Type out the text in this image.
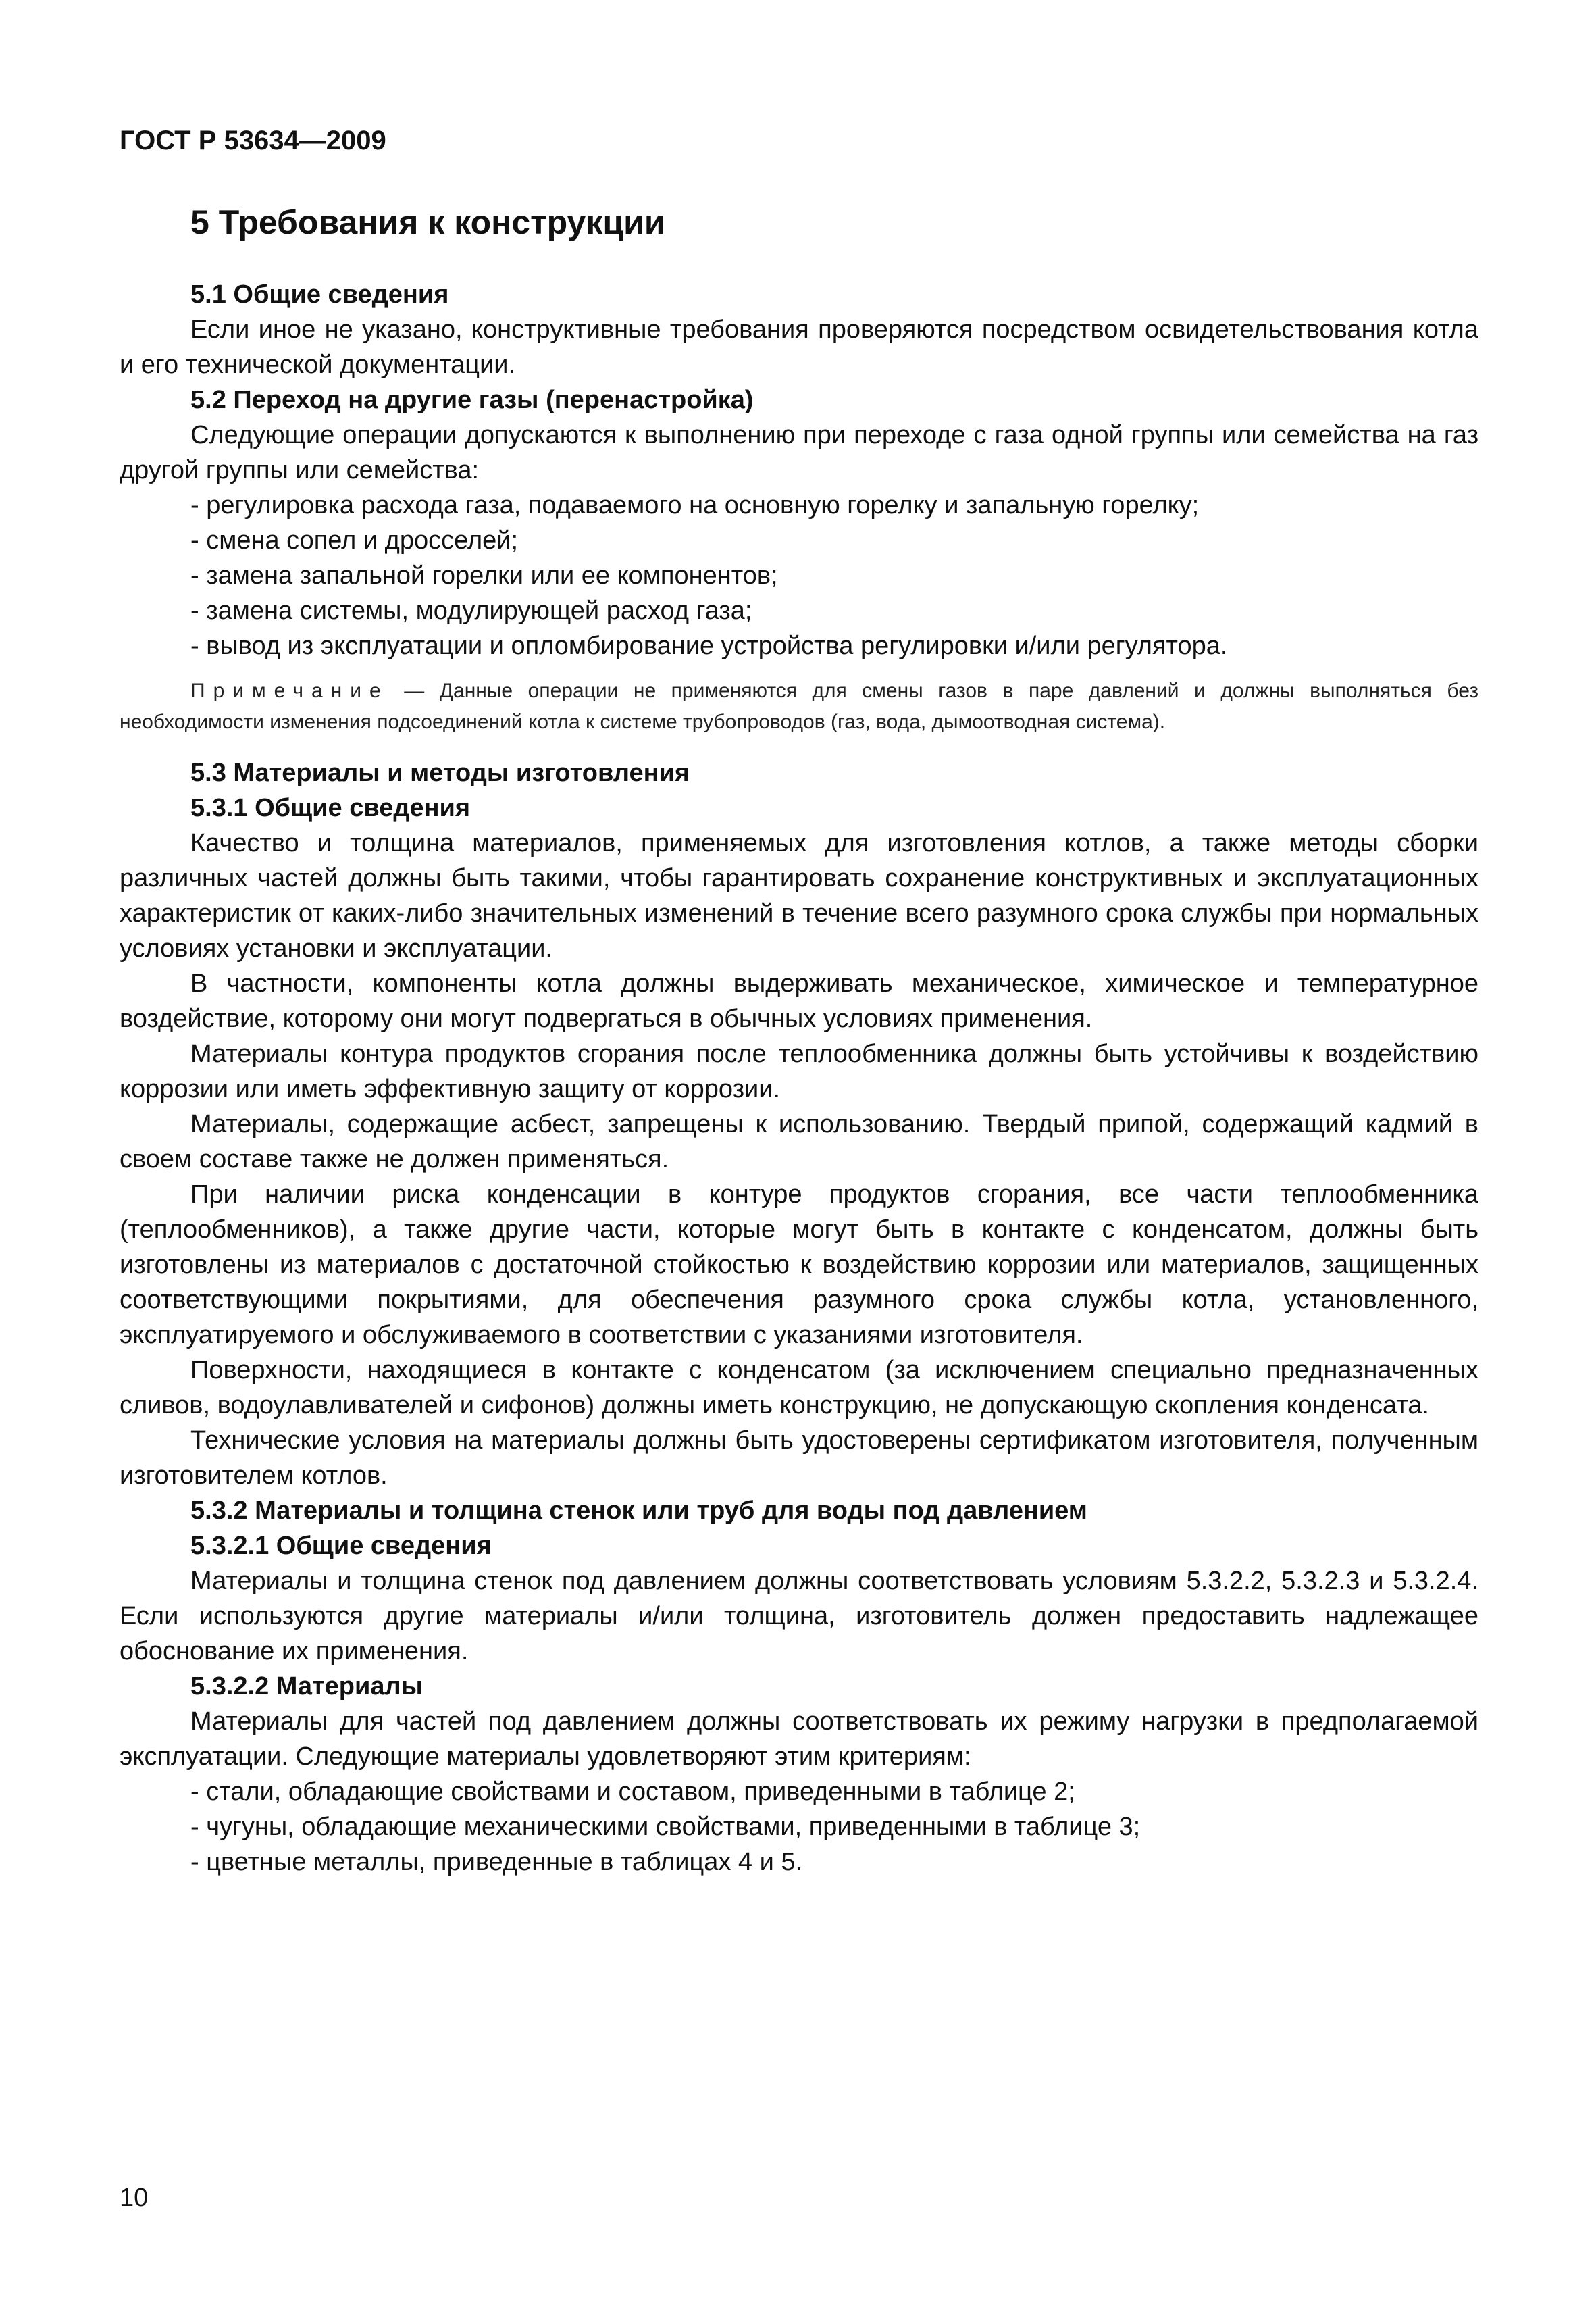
ГОСТ Р 53634—2009
5 Требования к конструкции
5.1 Общие сведения

Если иное не указано, конструктивные требования проверяются посредством освидетельствования котла и его технической документации.

5.2 Переход на другие газы (перенастройка)

Следующие операции допускаются к выполнению при переходе с газа одной группы или семейства на газ другой группы или семейства:

- регулировка расхода газа, подаваемого на основную горелку и запальную горелку;
- смена сопел и дросселей;
- замена запальной горелки или ее компонентов;
- замена системы, модулирующей расход газа;
- вывод из эксплуатации и опломбирование устройства регулировки и/или регулятора.

Примечание — Данные операции не применяются для смены газов в паре давлений и должны выполняться без необходимости изменения подсоединений котла к системе трубопроводов (газ, вода, дымоотводная система).

5.3 Материалы и методы изготовления
5.3.1 Общие сведения

Качество и толщина материалов, применяемых для изготовления котлов, а также методы сборки различных частей должны быть такими, чтобы гарантировать сохранение конструктивных и эксплуатационных характеристик от каких-либо значительных изменений в течение всего разумного срока службы при нормальных условиях установки и эксплуатации.

В частности, компоненты котла должны выдерживать механическое, химическое и температурное воздействие, которому они могут подвергаться в обычных условиях применения.

Материалы контура продуктов сгорания после теплообменника должны быть устойчивы к воздействию коррозии или иметь эффективную защиту от коррозии.

Материалы, содержащие асбест, запрещены к использованию. Твердый припой, содержащий кадмий в своем составе также не должен применяться.

При наличии риска конденсации в контуре продуктов сгорания, все части теплообменника (теплообменников), а также другие части, которые могут быть в контакте с конденсатом, должны быть изготовлены из материалов с достаточной стойкостью к воздействию коррозии или материалов, защищенных соответствующими покрытиями, для обеспечения разумного срока службы котла, установленного, эксплуатируемого и обслуживаемого в соответствии с указаниями изготовителя.

Поверхности, находящиеся в контакте с конденсатом (за исключением специально предназначенных сливов, водоулавливателей и сифонов) должны иметь конструкцию, не допускающую скопления конденсата.

Технические условия на материалы должны быть удостоверены сертификатом изготовителя, полученным изготовителем котлов.

5.3.2 Материалы и толщина стенок или труб для воды под давлением
5.3.2.1 Общие сведения

Материалы и толщина стенок под давлением должны соответствовать условиям 5.3.2.2, 5.3.2.3 и 5.3.2.4. Если используются другие материалы и/или толщина, изготовитель должен предоставить надлежащее обоснование их применения.

5.3.2.2 Материалы

Материалы для частей под давлением должны соответствовать их режиму нагрузки в предполагаемой эксплуатации. Следующие материалы удовлетворяют этим критериям:

- стали, обладающие свойствами и составом, приведенными в таблице 2;
- чугуны, обладающие механическими свойствами, приведенными в таблице 3;
- цветные металлы, приведенные в таблицах 4 и 5.
10
